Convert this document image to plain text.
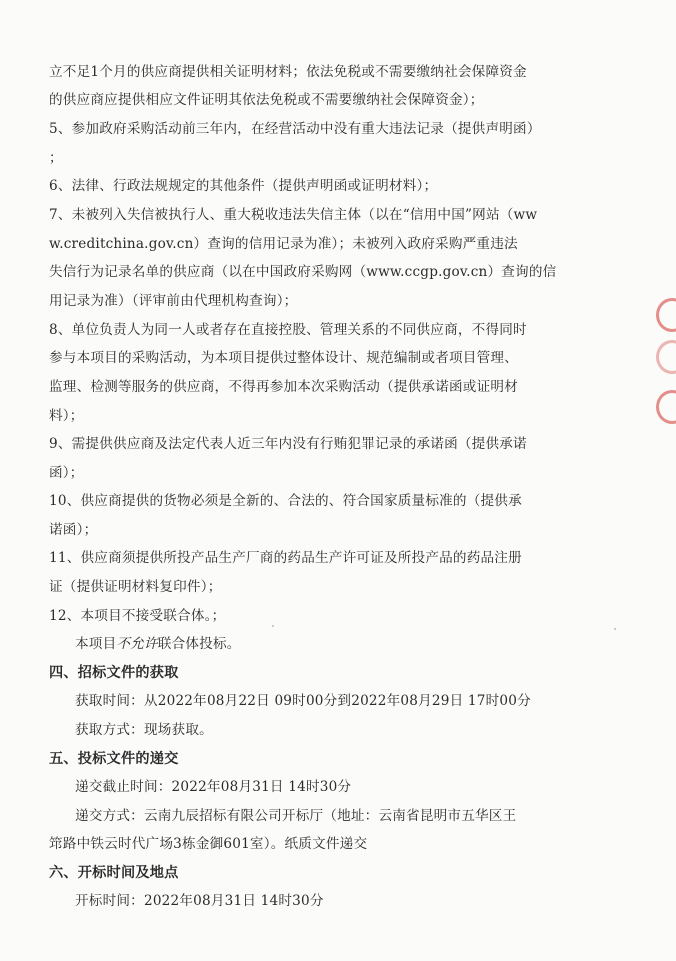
立不足1个月的供应商提供相关证明材料；依法免税或不需要缴纳社会保障资金
的供应商应提供相应文件证明其依法免税或不需要缴纳社会保障资金）；
5、参加政府采购活动前三年内，在经营活动中没有重大违法记录（提供声明函）
；
6、法律、行政法规规定的其他条件（提供声明函或证明材料）；
7、未被列入失信被执行人、重大税收违法失信主体（以在“信用中国”网站（ww
w.creditchina.gov.cn）查询的信用记录为准）；未被列入政府采购严重违法
失信行为记录名单的供应商（以在中国政府采购网（www.ccgp.gov.cn）查询的信
用记录为准）（评审前由代理机构查询）；
8、单位负责人为同一人或者存在直接控股、管理关系的不同供应商，不得同时
参与本项目的采购活动，为本项目提供过整体设计、规范编制或者项目管理、
监理、检测等服务的供应商，不得再参加本次采购活动（提供承诺函或证明材
料）；
9、需提供供应商及法定代表人近三年内没有行贿犯罪记录的承诺函（提供承诺
函）；
10、供应商提供的货物必须是全新的、合法的、符合国家质量标准的（提供承
诺函）；
11、供应商须提供所投产品生产厂商的药品生产许可证及所投产品的药品注册
证（提供证明材料复印件）；
12、本项目不接受联合体。；
本项目不允许联合体投标。
四、招标文件的获取
获取时间：从2022年08月22日 09时00分到2022年08月29日 17时00分
获取方式：现场获取。
五、投标文件的递交
递交截止时间：2022年08月31日 14时30分
递交方式：云南九辰招标有限公司开标厅（地址：云南省昆明市五华区王
筇路中铁云时代广场3栋金御601室）。纸质文件递交
六、开标时间及地点
开标时间：2022年08月31日 14时30分
